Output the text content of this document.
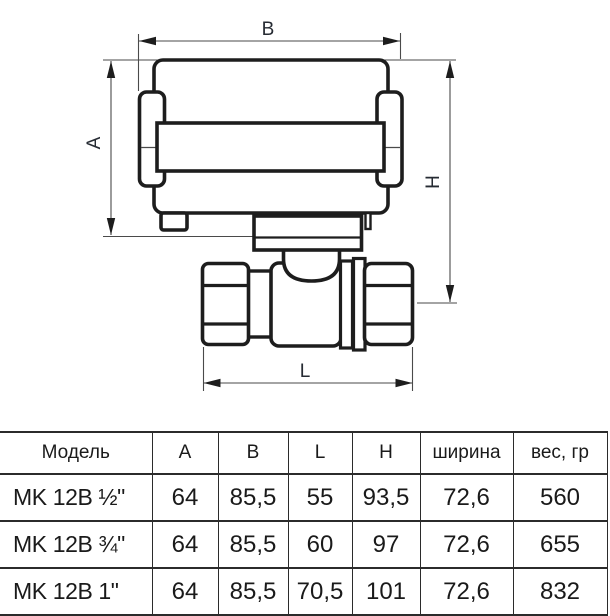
B
A
H
L
Модель	A	B	L	H	ширина	вес, гр
MK 12B ½"	64	85,5	55	93,5	72,6	560
MK 12B ¾"	64	85,5	60	97	72,6	655
MK 12B 1"	64	85,5	70,5	101	72,6	832
